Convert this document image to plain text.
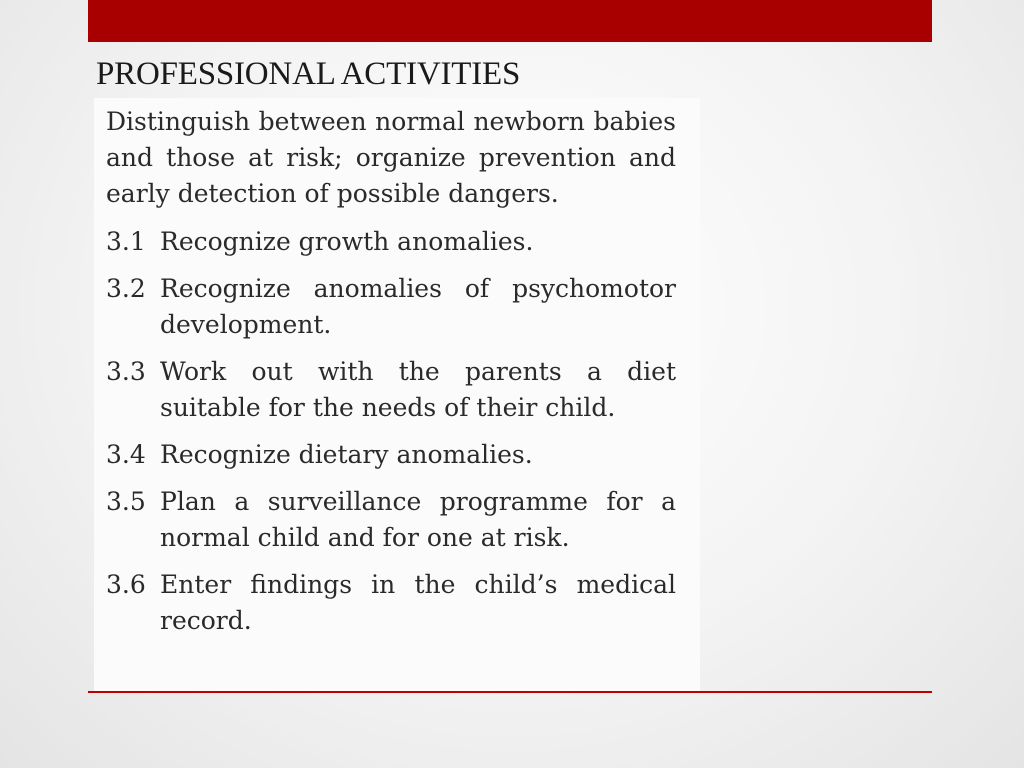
PROFESSIONAL ACTIVITIES

Distinguish between normal newborn babies and those at risk; organize prevention and early detection of possible dangers.

3.1 Recognize growth anomalies.
3.2 Recognize anomalies of psychomotor development.
3.3 Work out with the parents a diet suitable for the needs of their child.
3.4 Recognize dietary anomalies.
3.5 Plan a surveillance programme for a normal child and for one at risk.
3.6 Enter findings in the child’s medical record.
